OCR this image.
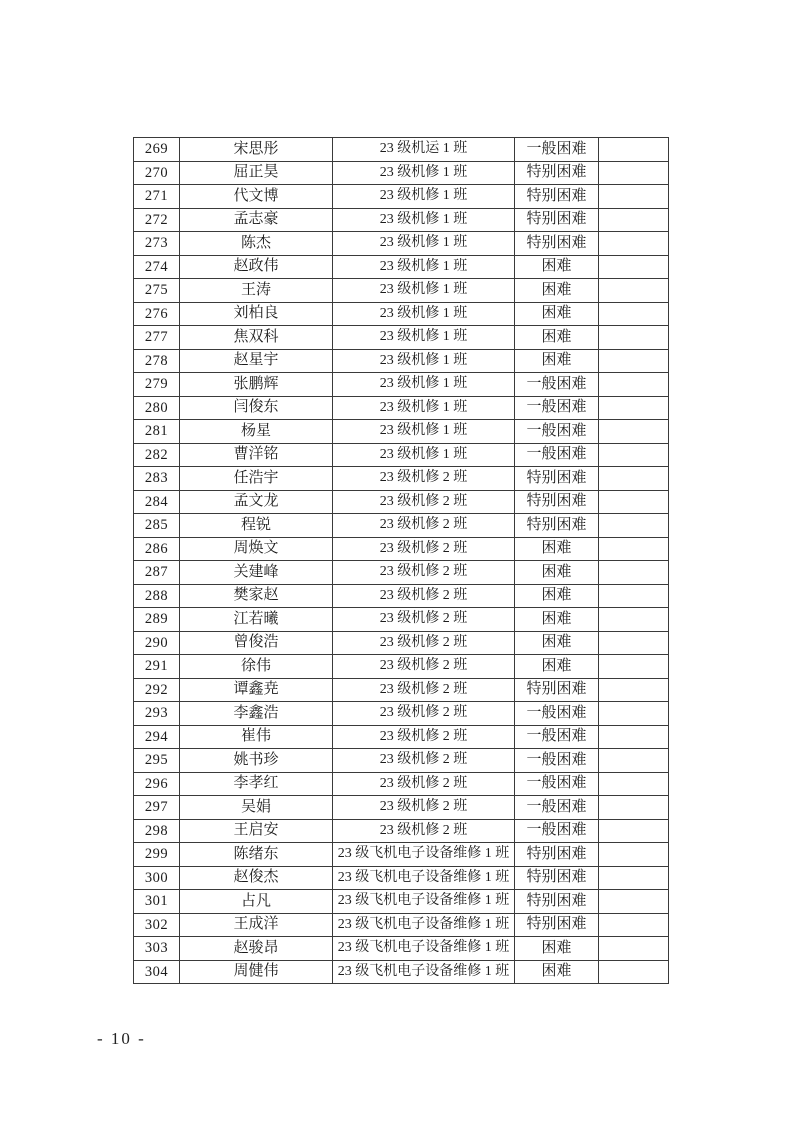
269	宋思彤	23 级机运 1 班	一般困难	
270	屈正昊	23 级机修 1 班	特别困难	
271	代文博	23 级机修 1 班	特别困难	
272	孟志豪	23 级机修 1 班	特别困难	
273	陈杰	23 级机修 1 班	特别困难	
274	赵政伟	23 级机修 1 班	困难	
275	王涛	23 级机修 1 班	困难	
276	刘柏良	23 级机修 1 班	困难	
277	焦双科	23 级机修 1 班	困难	
278	赵星宇	23 级机修 1 班	困难	
279	张鹏辉	23 级机修 1 班	一般困难	
280	闫俊东	23 级机修 1 班	一般困难	
281	杨星	23 级机修 1 班	一般困难	
282	曹洋铭	23 级机修 1 班	一般困难	
283	任浩宇	23 级机修 2 班	特别困难	
284	孟文龙	23 级机修 2 班	特别困难	
285	程锐	23 级机修 2 班	特别困难	
286	周焕文	23 级机修 2 班	困难	
287	关建峰	23 级机修 2 班	困难	
288	樊家赵	23 级机修 2 班	困难	
289	江若曦	23 级机修 2 班	困难	
290	曾俊浩	23 级机修 2 班	困难	
291	徐伟	23 级机修 2 班	困难	
292	谭鑫尭	23 级机修 2 班	特别困难	
293	李鑫浩	23 级机修 2 班	一般困难	
294	崔伟	23 级机修 2 班	一般困难	
295	姚书珍	23 级机修 2 班	一般困难	
296	李孝红	23 级机修 2 班	一般困难	
297	吴娟	23 级机修 2 班	一般困难	
298	王启安	23 级机修 2 班	一般困难	
299	陈绪东	23 级飞机电子设备维修 1 班	特别困难	
300	赵俊杰	23 级飞机电子设备维修 1 班	特别困难	
301	占凡	23 级飞机电子设备维修 1 班	特别困难	
302	王成洋	23 级飞机电子设备维修 1 班	特别困难	
303	赵骏昂	23 级飞机电子设备维修 1 班	困难	
304	周健伟	23 级飞机电子设备维修 1 班	困难	
- 10 -
